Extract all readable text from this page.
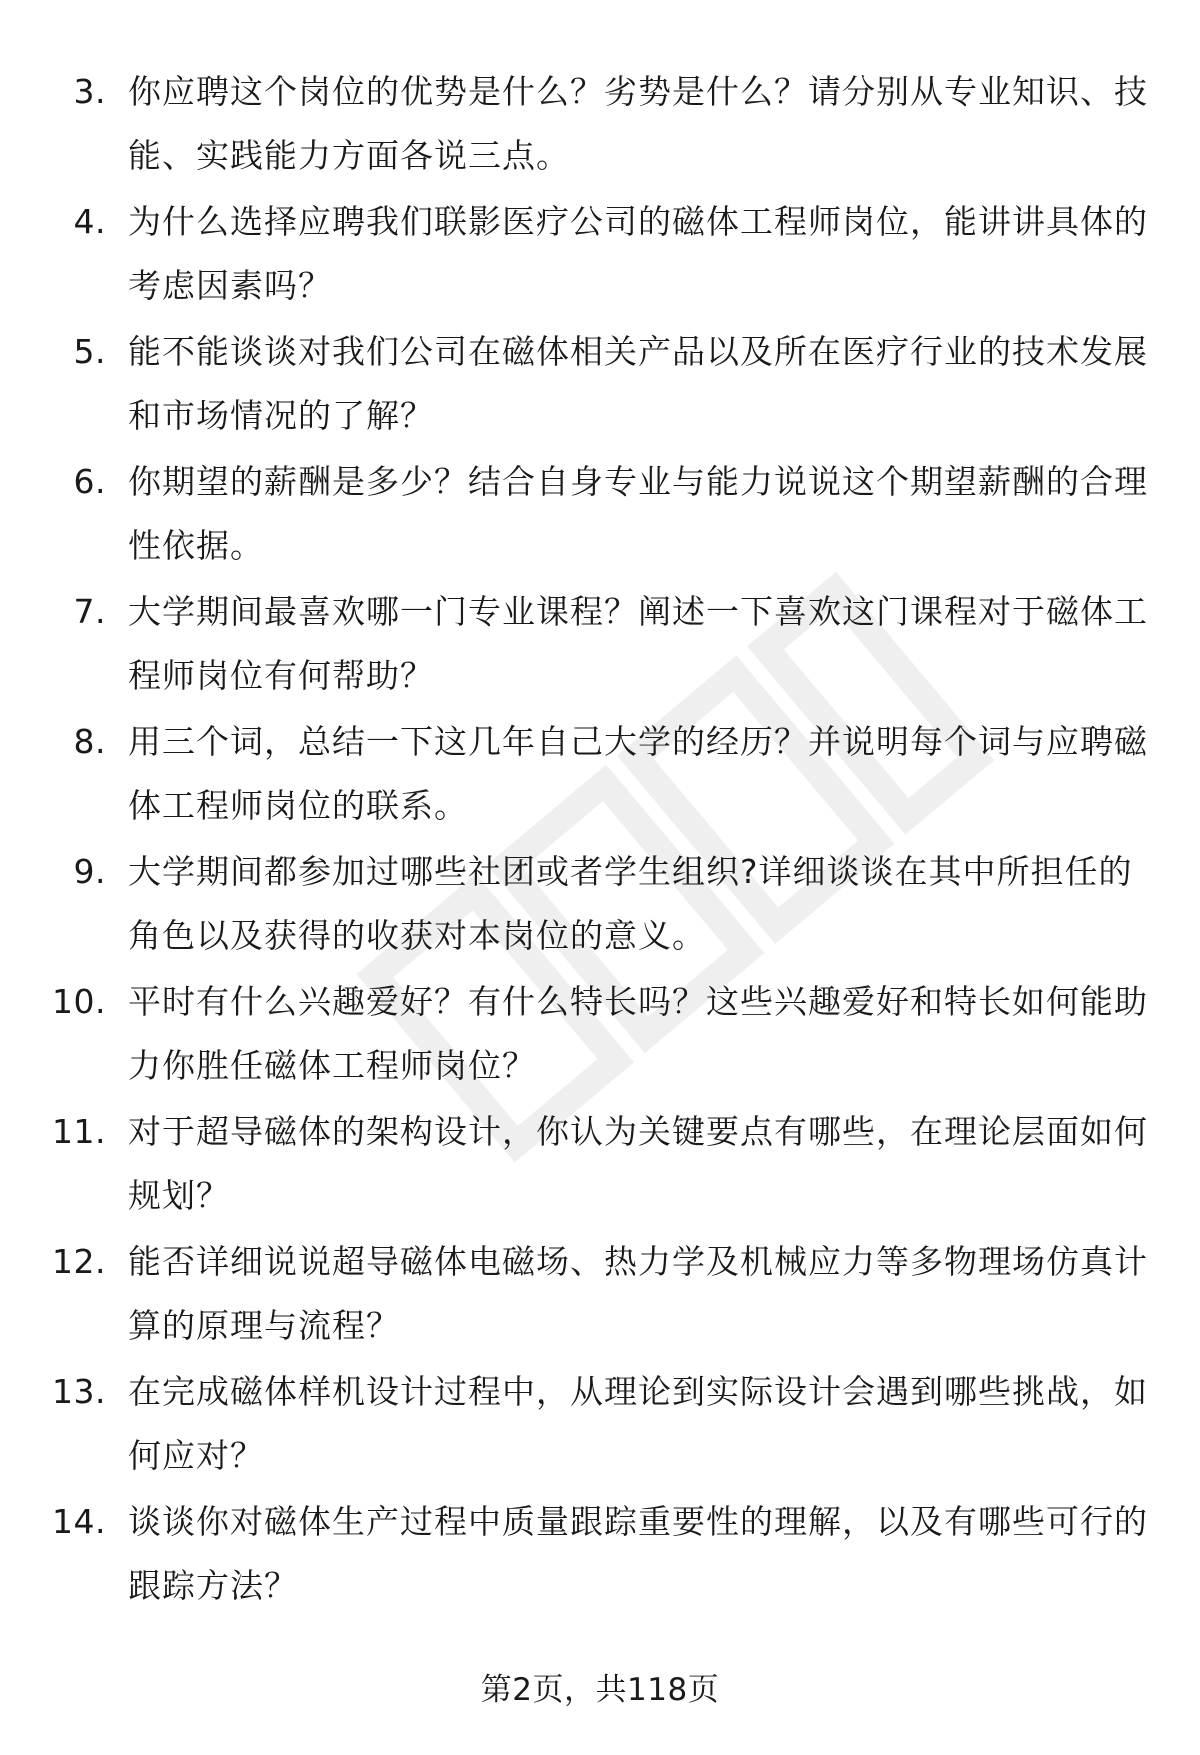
3. 你应聘这个岗位的优势是什么？劣势是什么？请分别从专业知识、技能、实践能力方面各说三点。
4. 为什么选择应聘我们联影医疗公司的磁体工程师岗位，能讲讲具体的考虑因素吗？
5. 能不能谈谈对我们公司在磁体相关产品以及所在医疗行业的技术发展和市场情况的了解？
6. 你期望的薪酬是多少？结合自身专业与能力说说这个期望薪酬的合理性依据。
7. 大学期间最喜欢哪一门专业课程？阐述一下喜欢这门课程对于磁体工程师岗位有何帮助？
8. 用三个词，总结一下这几年自己大学的经历？并说明每个词与应聘磁体工程师岗位的联系。
9. 大学期间都参加过哪些社团或者学生组织?详细谈谈在其中所担任的角色以及获得的收获对本岗位的意义。
10. 平时有什么兴趣爱好？有什么特长吗？这些兴趣爱好和特长如何能助力你胜任磁体工程师岗位？
11. 对于超导磁体的架构设计，你认为关键要点有哪些，在理论层面如何规划？
12. 能否详细说说超导磁体电磁场、热力学及机械应力等多物理场仿真计算的原理与流程？
13. 在完成磁体样机设计过程中，从理论到实际设计会遇到哪些挑战，如何应对？
14. 谈谈你对磁体生产过程中质量跟踪重要性的理解，以及有哪些可行的跟踪方法？
第2页，共118页
